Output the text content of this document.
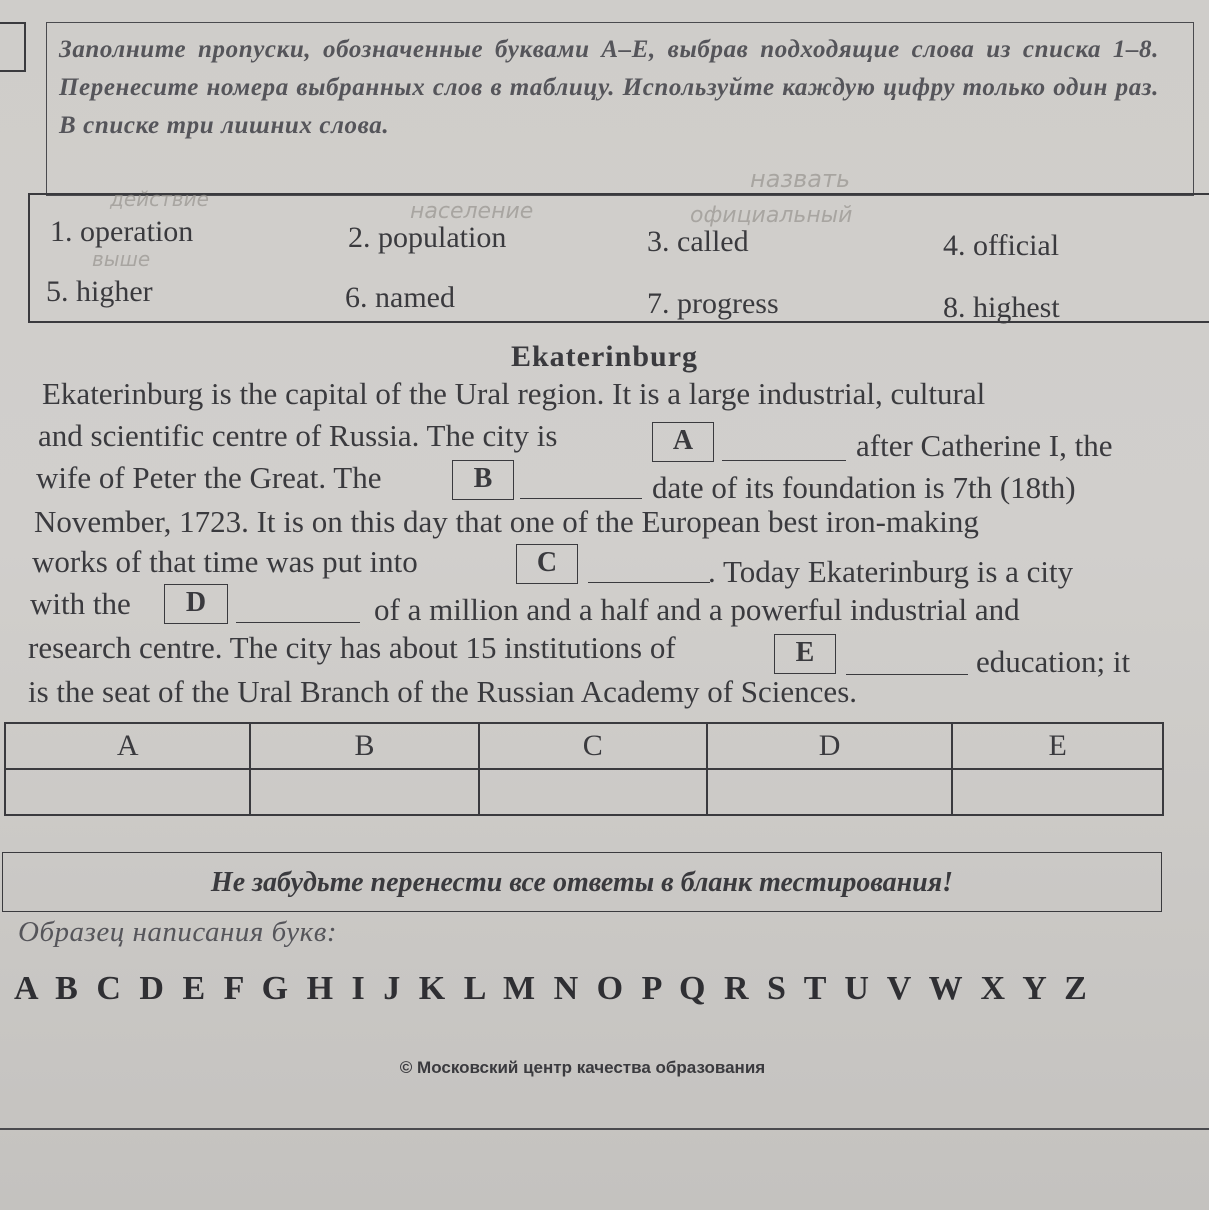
Заполните пропуски, обозначенные буквами A–E, выбрав подходящие слова из списка 1–8. Перенесите номера выбранных слов в таблицу. Используйте каждую цифру только один раз. В списке три лишних слова.
действие
выше
население	официальный
назвать
1. operation	2. population	3. called	4. official
5. higher	6. named	7. progress	8. highest
Ekaterinburg
Ekaterinburg is the capital of the Ural region. It is a large industrial, cultural
and scientific centre of Russia. The city is	A	after Catherine I, the
wife of Peter the Great. The	B	date of its foundation is 7th (18th)
November, 1723. It is on this day that one of the European best iron-making
works of that time was put into	C	. Today Ekaterinburg is a city
with the	D	of a million and a half and a powerful industrial and
research centre. The city has about 15 institutions of	E	education; it
is the seat of the Ural Branch of the Russian Academy of Sciences.
A	B	C	D	E

Не забудьте перенести все ответы в бланк тестирования!
Образец написания букв:
A B C D E F G H I J K L M N O P Q R S T U V W X Y Z
© Московский центр качества образования
